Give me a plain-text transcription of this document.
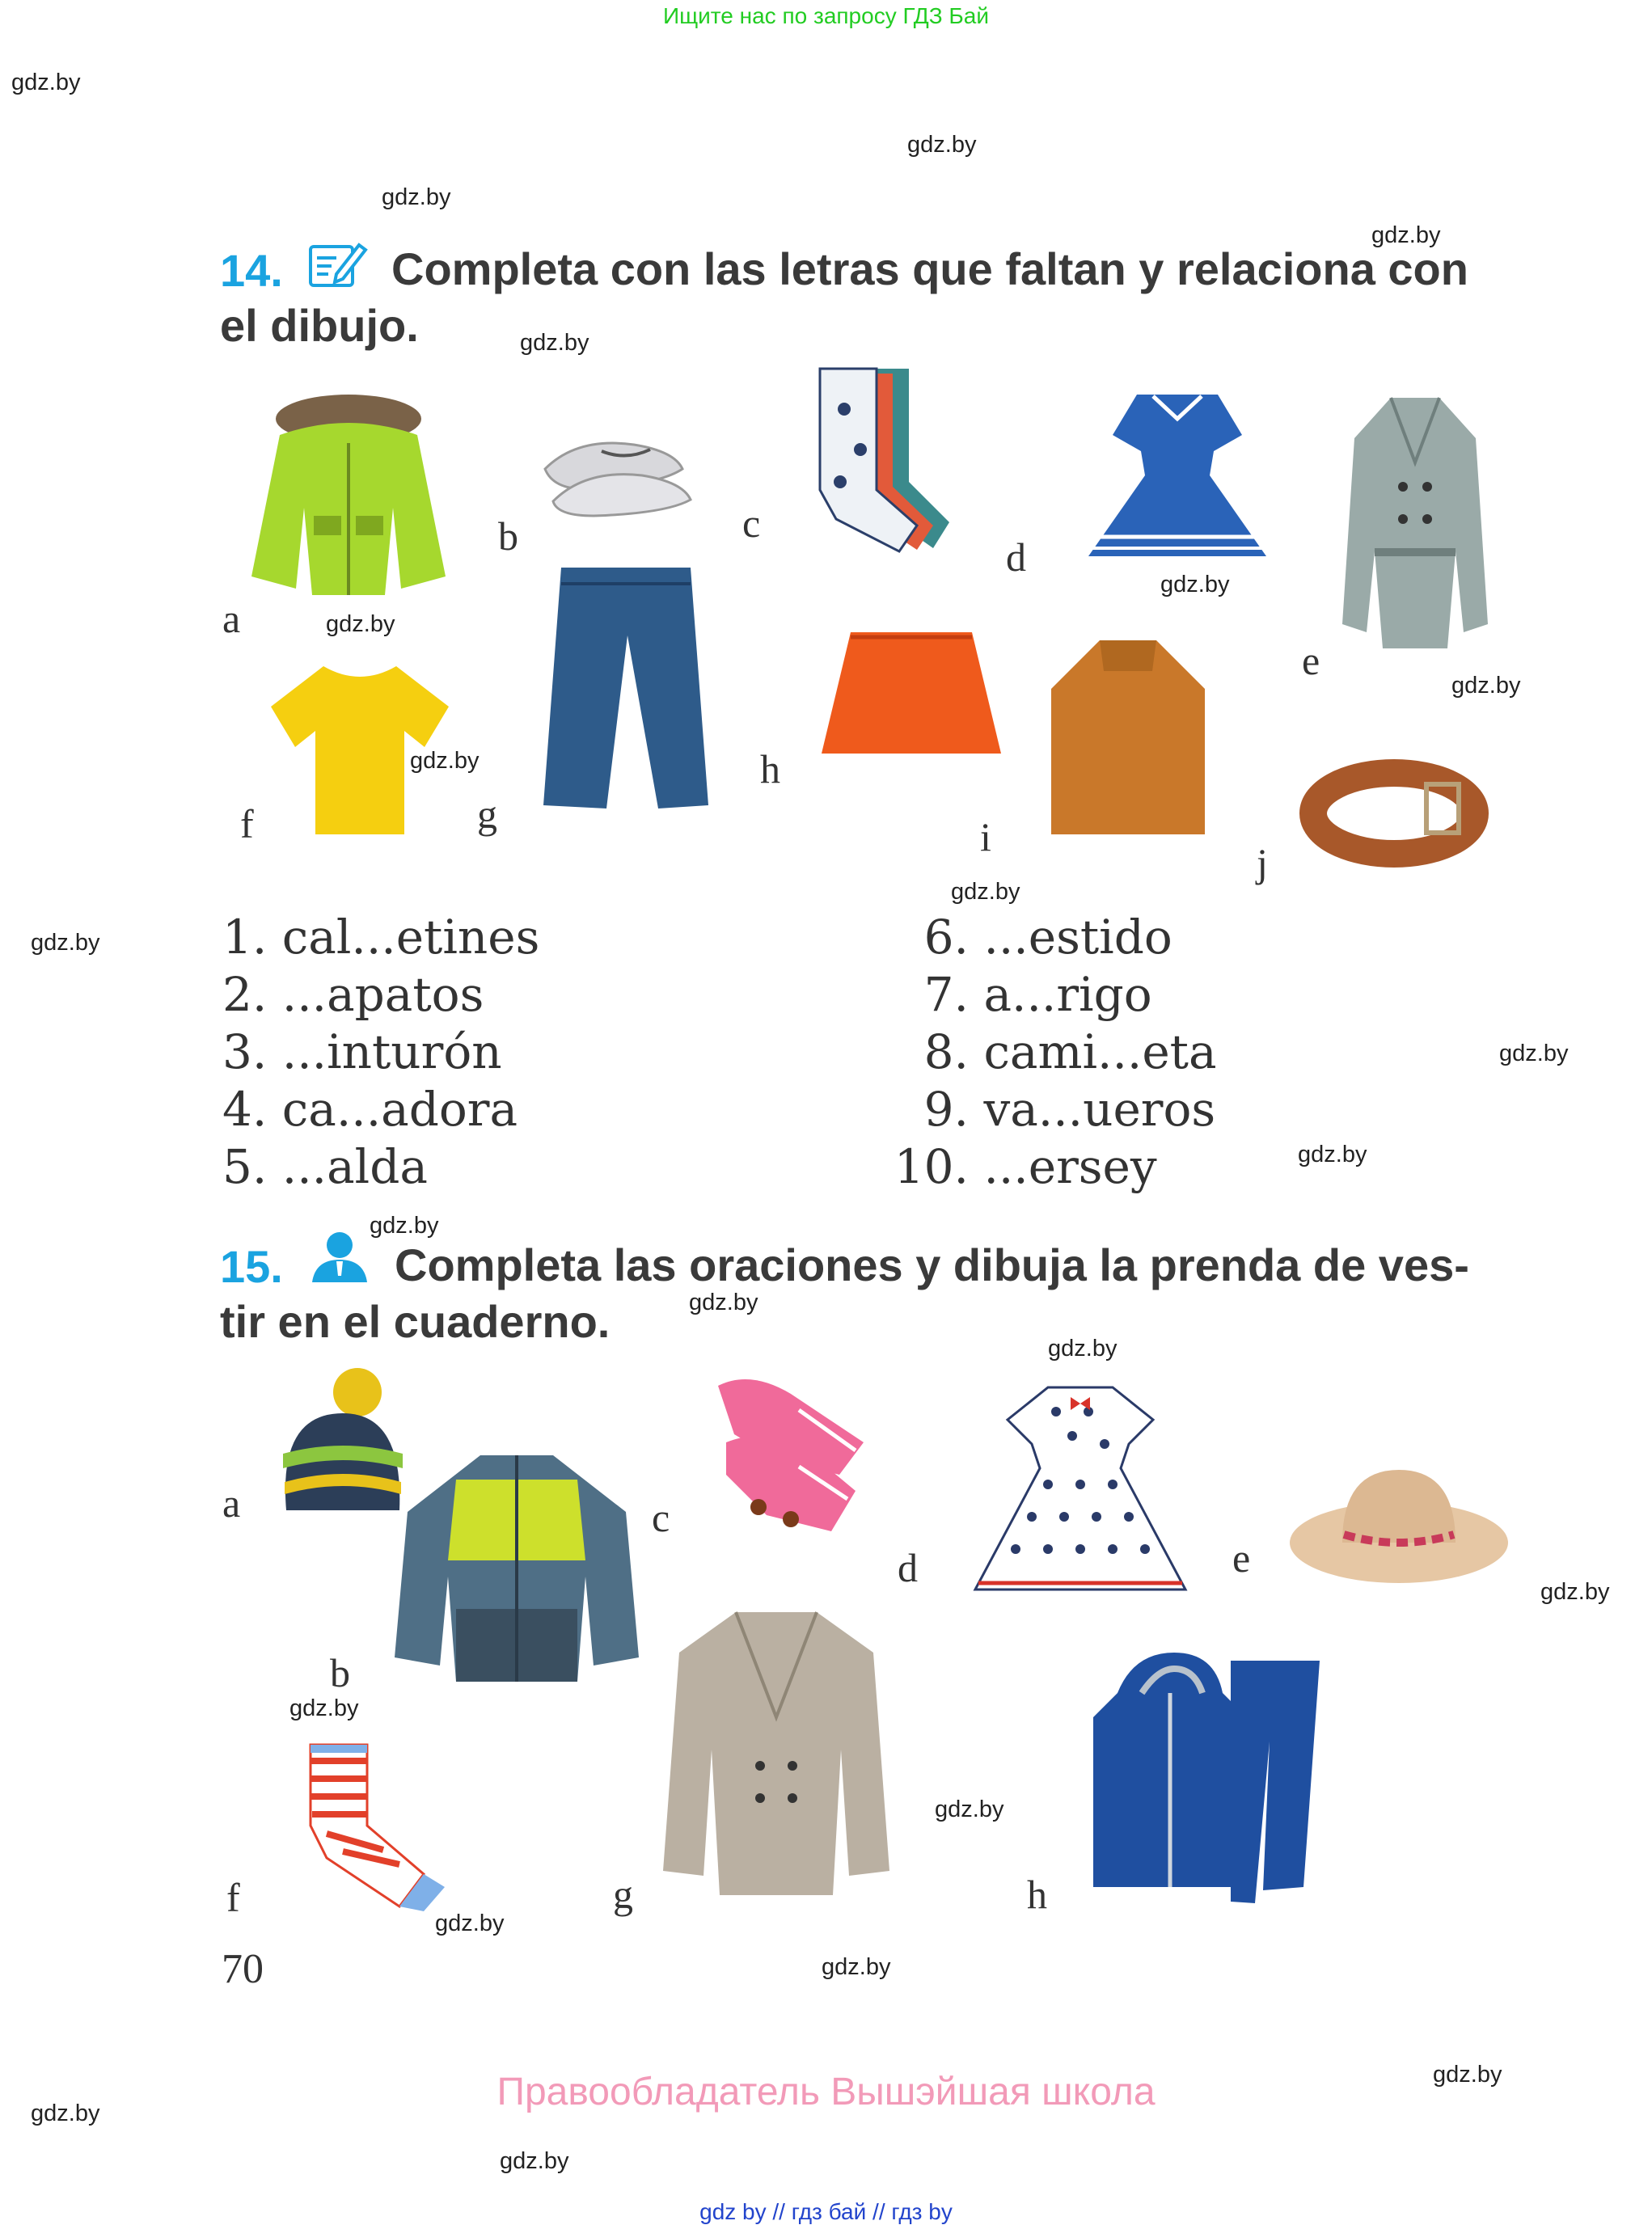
Ищите нас по запросу ГДЗ Бай
gdz.by
gdz.by
gdz.by
gdz.by
gdz.by
gdz.by
gdz.by
gdz.by
gdz.by
gdz.by
gdz.by
gdz.by
gdz.by
gdz.by
gdz.by
gdz.by
gdz.by
gdz.by
gdz.by
gdz.by
gdz.by
gdz.by
gdz.by
gdz.by
14. Completa con las letras que faltan y relaciona con
el dibujo.
a
b	c
d
e
f	g
h
i
j
1. cal...etines
2. ...apatos
3. ...inturón
4. ca...adora
5. ...alda
6. ...estido
7. a...rigo
8. cami...eta
9. va...ueros
10. ...ersey
15. Completa las oraciones y dibuja la prenda de ves-
tir en el cuaderno.
a
b
c
d	e
f	g	h
70
Правообладатель Вышэйшая школа
gdz by // гдз бай // гдз by
